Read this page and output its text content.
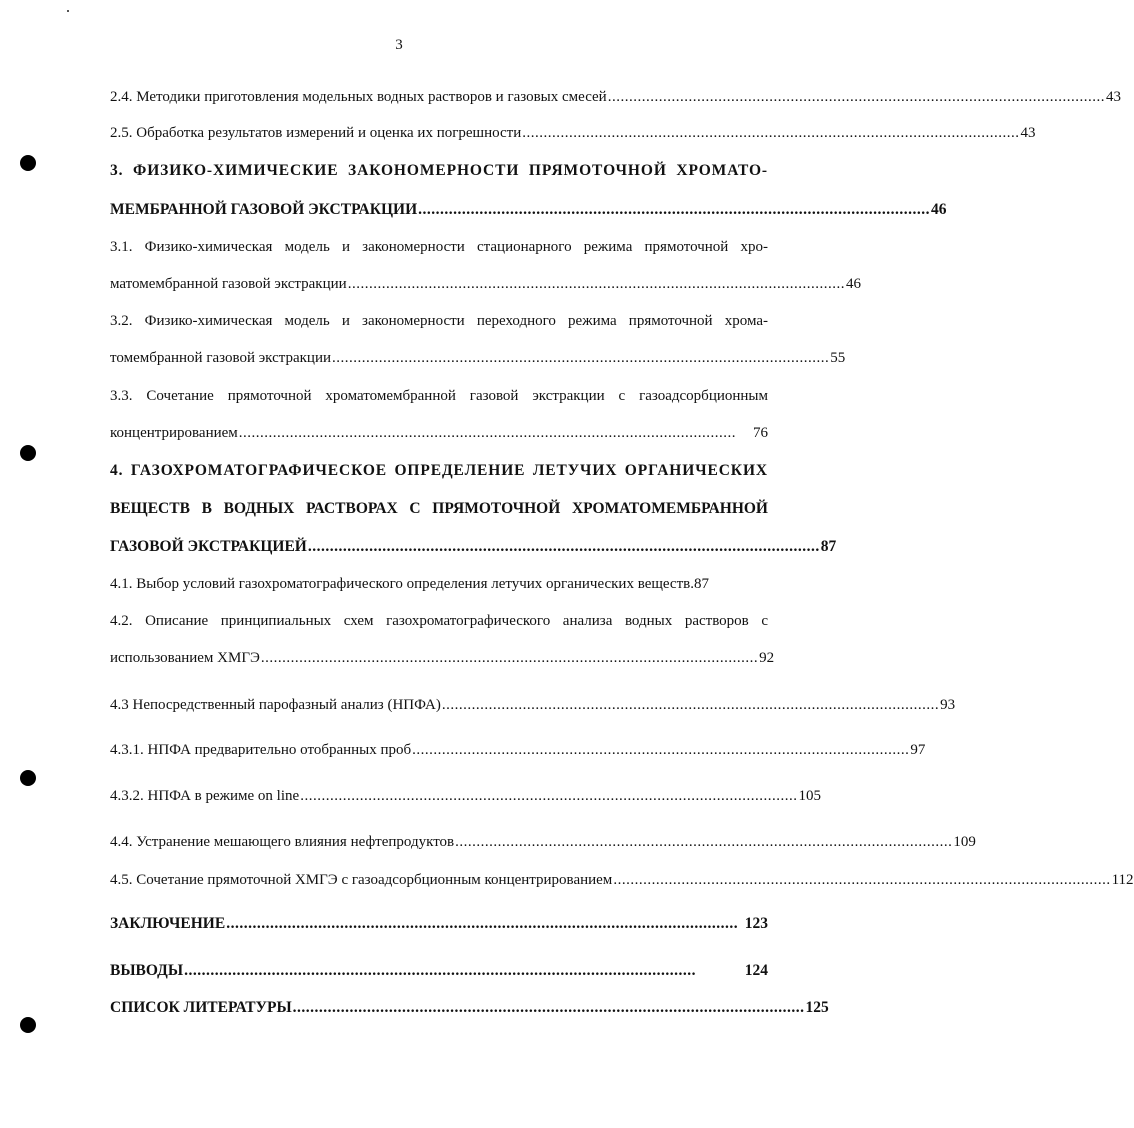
3
2.4. Методики приготовления модельных водных растворов и газовых смесей ..................................................................................................................... 43
2.5. Обработка результатов измерений и оценка их погрешности ..................................................................................................................... 43
3. ФИЗИКО-ХИМИЧЕСКИЕ ЗАКОНОМЕРНОСТИ ПРЯМОТОЧНОЙ ХРОМАТО-
МЕМБРАННОЙ ГАЗОВОЙ ЭКСТРАКЦИИ ..................................................................................................................... 46
3.1. Физико-химическая модель и закономерности стационарного режима прямоточной хро-
матомембранной газовой экстракции ..................................................................................................................... 46
3.2. Физико-химическая модель и закономерности переходного режима прямоточной хрома-
томембранной газовой экстракции ..................................................................................................................... 55
3.3. Сочетание прямоточной хроматомембранной газовой экстракции с газоадсорбционным
концентрированием .....................................................................................................................	76
4. ГАЗОХРОМАТОГРАФИЧЕСКОЕ ОПРЕДЕЛЕНИЕ ЛЕТУЧИХ ОРГАНИЧЕСКИХ
ВЕЩЕСТВ В ВОДНЫХ РАСТВОРАХ С ПРЯМОТОЧНОЙ ХРОМАТОМЕМБРАННОЙ
ГАЗОВОЙ ЭКСТРАКЦИЕЙ ..................................................................................................................... 87
4.1. Выбор условий газохроматографического определения летучих органических веществ. 87
4.2. Описание принципиальных схем газохроматографического анализа водных растворов с
использованием ХМГЭ ..................................................................................................................... 92
4.3 Непосредственный парофазный анализ (НПФА) ..................................................................................................................... 93
4.3.1. НПФА предварительно отобранных проб ..................................................................................................................... 97
4.3.2. НПФА в режиме on line ..................................................................................................................... 105
4.4. Устранение мешающего влияния нефтепродуктов ..................................................................................................................... 109
4.5. Сочетание прямоточной ХМГЭ с газоадсорбционным концентрированием ..................................................................................................................... 112
ЗАКЛЮЧЕНИЕ ..................................................................................................................... 123
ВЫВОДЫ .....................................................................................................................	124
СПИСОК ЛИТЕРАТУРЫ ..................................................................................................................... 125
